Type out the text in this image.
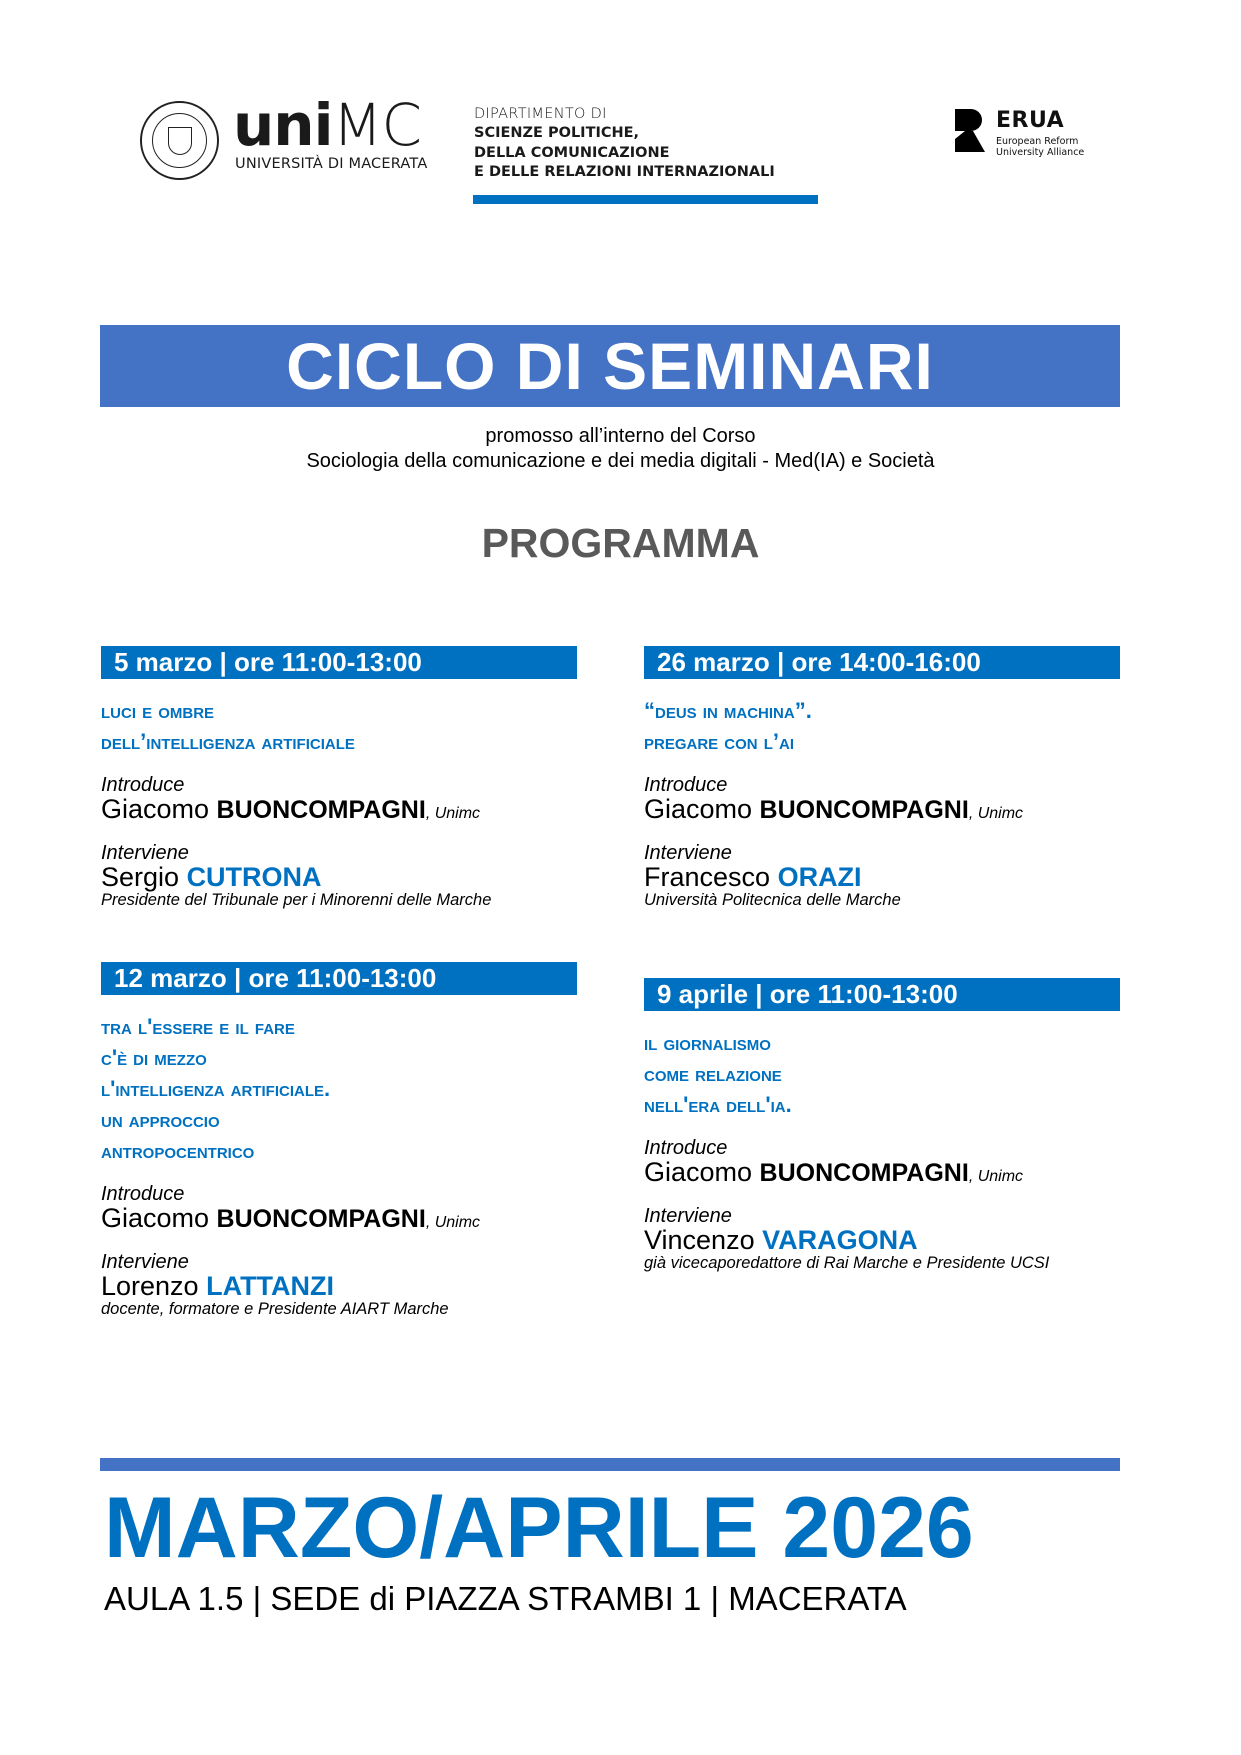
uniMC
UNIVERSITÀ DI MACERATA
DIPARTIMENTO DI
SCIENZE POLITICHE,
DELLA COMUNICAZIONE
E DELLE RELAZIONI INTERNAZIONALI
ERUA
European Reform
University Alliance
CICLO DI SEMINARI
promosso all’interno del Corso
Sociologia della comunicazione e dei media digitali - Med(IA) e Società
PROGRAMMA
5 marzo | ore 11:00-13:00
luci e ombre
dell’intelligenza artificiale
Introduce
Giacomo BUONCOMPAGNI, Unimc
Interviene
Sergio CUTRONA
Presidente del Tribunale per i Minorenni delle Marche
26 marzo | ore 14:00-16:00
“deus in machina”.
pregare con l’ai
Introduce
Giacomo BUONCOMPAGNI, Unimc
Interviene
Francesco ORAZI
Università Politecnica delle Marche
12 marzo | ore 11:00-13:00
tra l'essere e il fare
c'è di mezzo
l'intelligenza artificiale.
un approccio
antropocentrico
Introduce
Giacomo BUONCOMPAGNI, Unimc
Interviene
Lorenzo LATTANZI
docente, formatore e Presidente AIART Marche
9 aprile | ore 11:00-13:00
il giornalismo
come relazione
nell'era dell'ia.
Introduce
Giacomo BUONCOMPAGNI, Unimc
Interviene
Vincenzo VARAGONA
già vicecaporedattore di Rai Marche e Presidente UCSI
MARZO/APRILE 2026
AULA 1.5 | SEDE di PIAZZA STRAMBI 1 | MACERATA
